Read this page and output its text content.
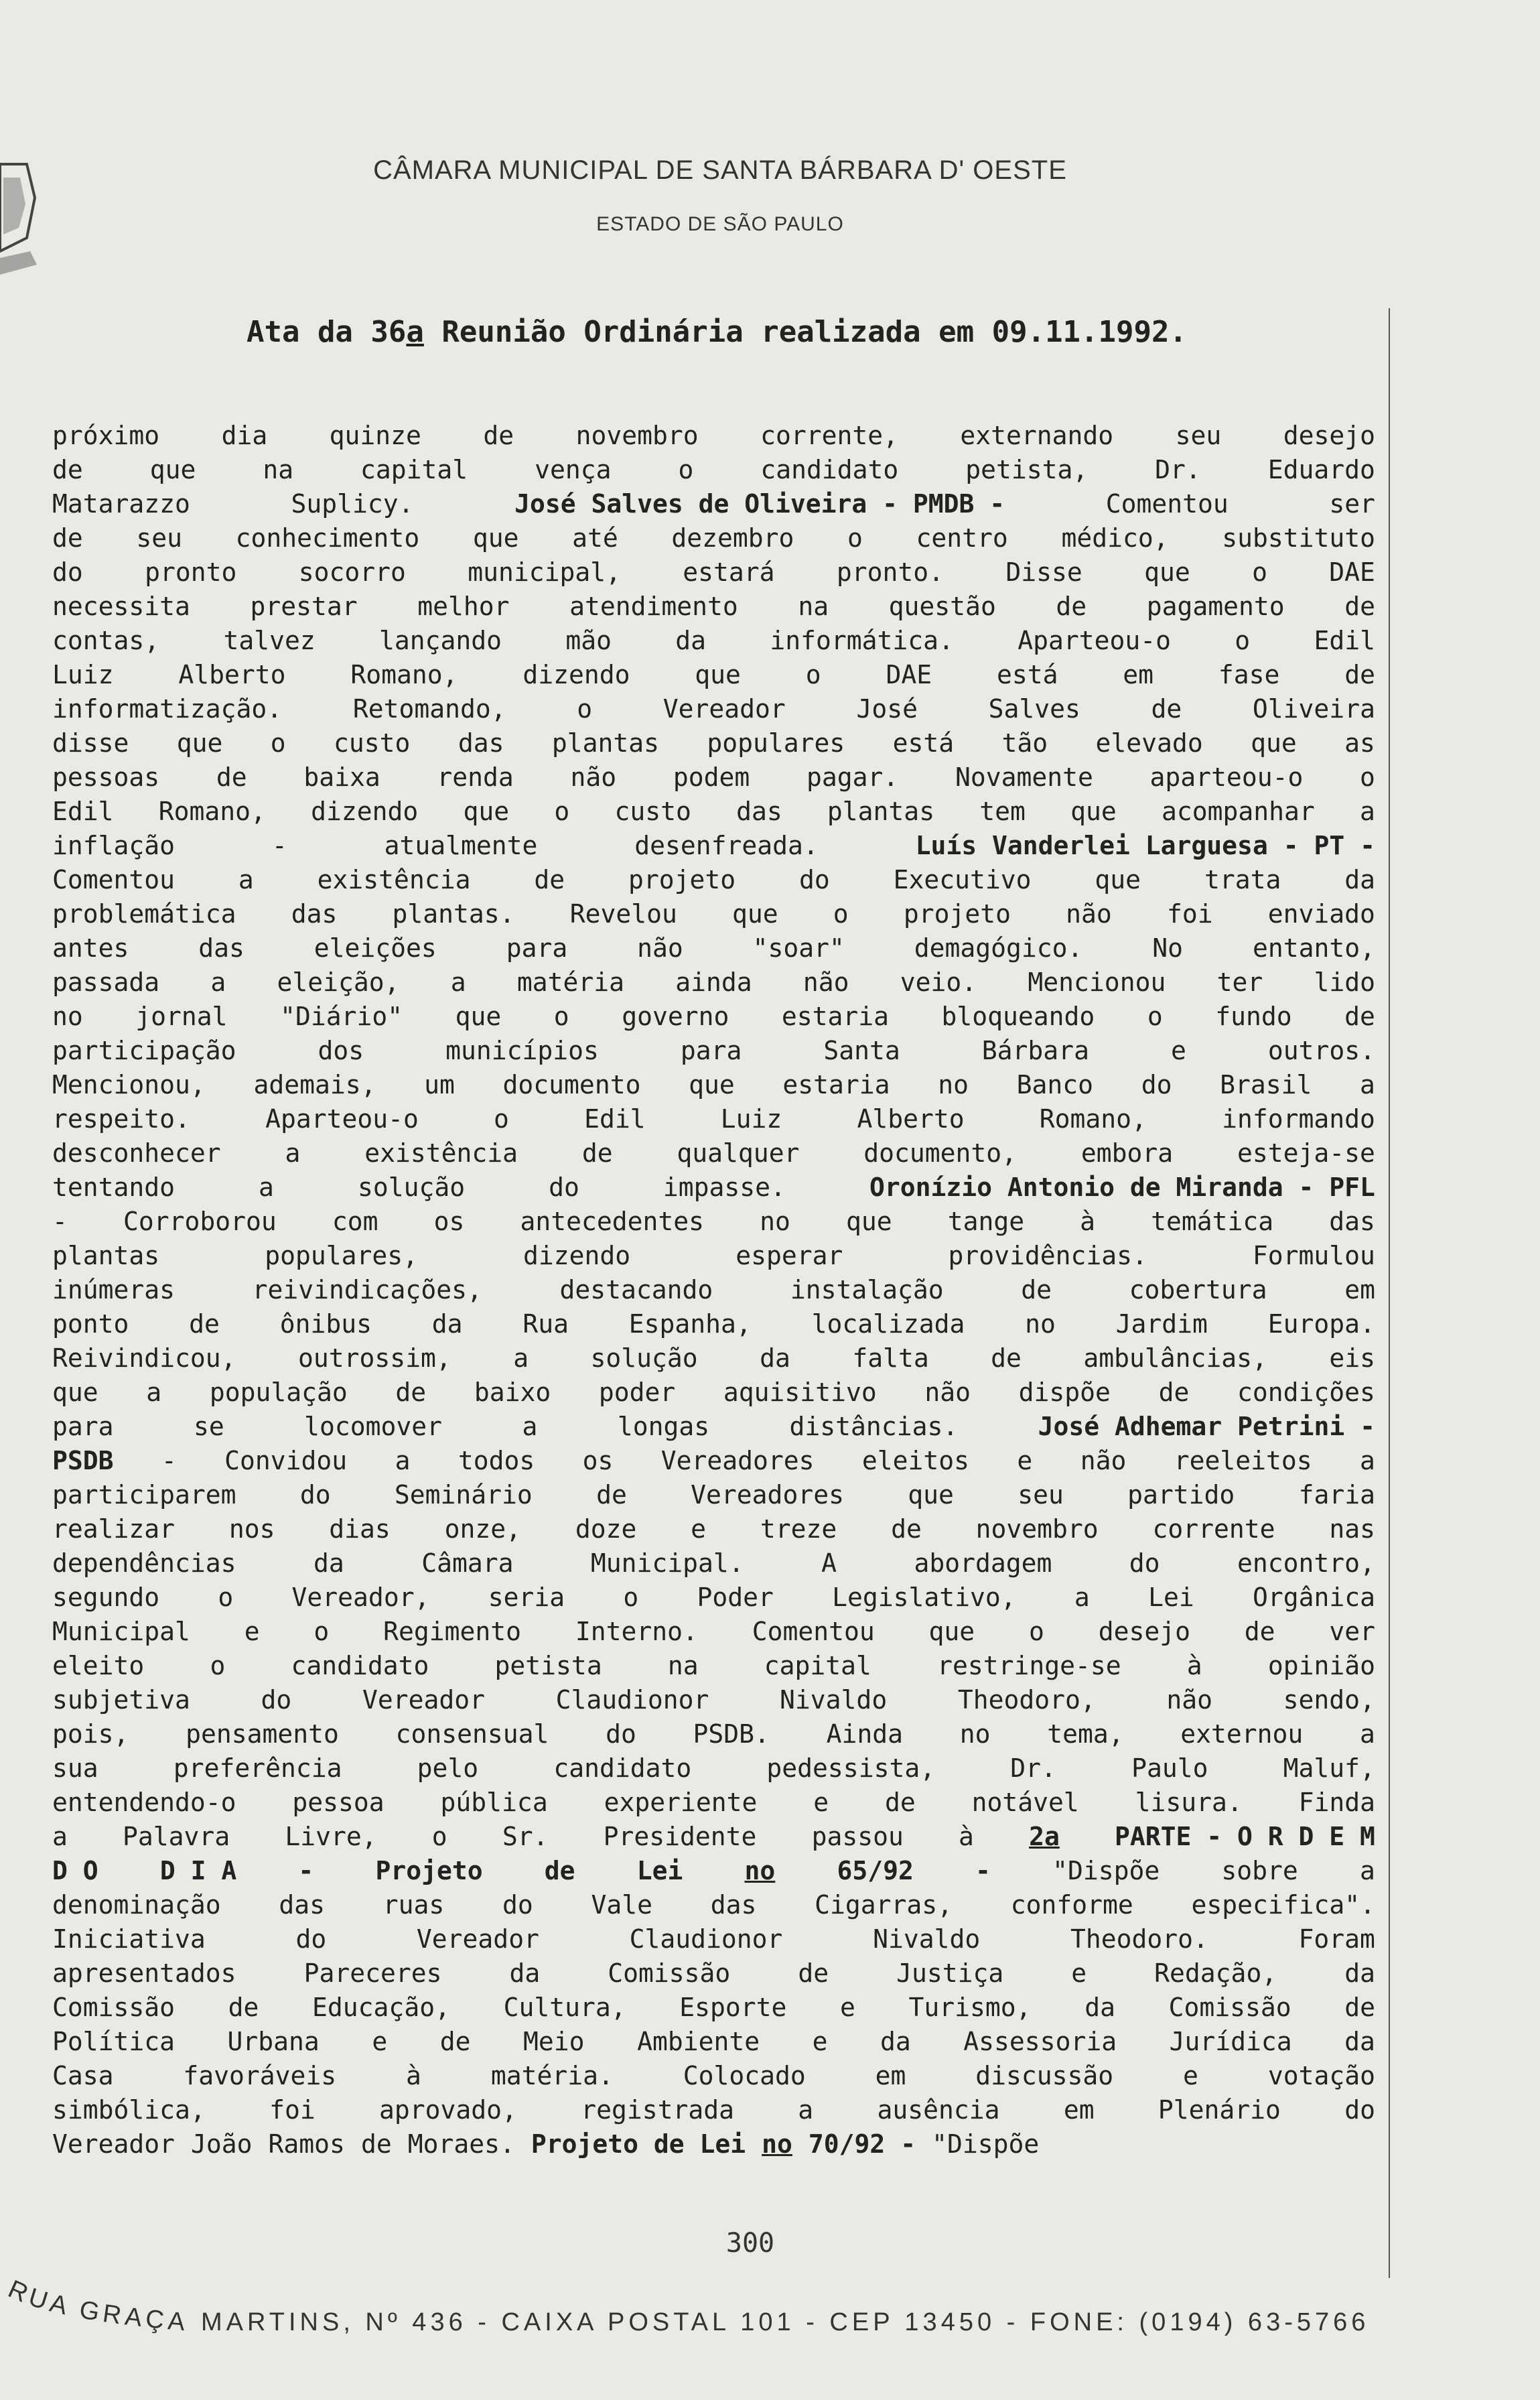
CÂMARA MUNICIPAL DE SANTA BÁRBARA D' OESTE
ESTADO DE SÃO PAULO
Ata da 36a Reunião Ordinária realizada em 09.11.1992.
próximo dia quinze de novembro corrente, externando seu desejo
de	que	na	capital	vença	o	candidato	petista,	Dr.	Eduardo
Matarazzo	Suplicy.	José Salves de Oliveira - PMDB -	Comentou	ser
de seu conhecimento que até dezembro o centro médico, substituto
do pronto socorro municipal, estará pronto. Disse que o DAE
necessita prestar melhor atendimento na questão de pagamento de
contas,	talvez	lançando	mão	da	informática.	Aparteou-o	o	Edil
Luiz	Alberto	Romano,	dizendo	que	o	DAE	está	em	fase	de
informatização.	Retomando,	o	Vereador	José	Salves	de	Oliveira
disse que o custo das plantas populares está tão elevado que as
pessoas de baixa renda não podem pagar. Novamente aparteou-o o
Edil Romano, dizendo que o custo das plantas tem que acompanhar a
inflação	-	atualmente	desenfreada.	Luís Vanderlei Larguesa - PT -
Comentou a existência de projeto do Executivo que trata da
problemática das plantas. Revelou que o projeto não foi enviado
antes	das	eleições	para	não	"soar"	demagógico.	No	entanto,
passada a eleição, a matéria ainda não veio. Mencionou ter lido
no jornal "Diário" que o governo estaria bloqueando o fundo de
participação	dos	municípios	para	Santa	Bárbara	e	outros.
Mencionou, ademais, um documento que estaria no Banco do Brasil a
respeito.	Aparteou-o	o	Edil	Luiz	Alberto	Romano,	informando
desconhecer	a	existência	de	qualquer	documento,	embora	esteja-se
tentando	a	solução	do	impasse.	Oronízio Antonio de Miranda - PFL
- Corroborou com os antecedentes no que tange à temática das
plantas	populares,	dizendo	esperar	providências.	Formulou
inúmeras	reivindicações,	destacando	instalação	de	cobertura	em
ponto de ônibus da Rua Espanha, localizada no Jardim Europa.
Reivindicou, outrossim, a solução da falta de ambulâncias, eis
que a população de baixo poder aquisitivo não dispõe de condições
para	se	locomover	a	longas	distâncias.	José Adhemar Petrini -
PSDB - Convidou a todos os Vereadores eleitos e não reeleitos a
participarem	do	Seminário	de	Vereadores	que	seu	partido	faria
realizar nos dias onze, doze e treze de novembro corrente nas
dependências	da	Câmara	Municipal.	A	abordagem	do	encontro,
segundo o Vereador, seria o Poder Legislativo, a Lei Orgânica
Municipal e o Regimento Interno. Comentou que o desejo de ver
eleito	o	candidato	petista	na	capital	restringe-se	à	opinião
subjetiva	do	Vereador	Claudionor	Nivaldo	Theodoro,	não	sendo,
pois, pensamento consensual do PSDB. Ainda no tema, externou a
sua	preferência	pelo	candidato	pedessista,	Dr.	Paulo	Maluf,
entendendo-o pessoa pública experiente e de notável lisura. Finda
a Palavra Livre, o Sr. Presidente passou à 2a PARTE - O R D E M
D O D I A - Projeto de Lei no 65/92 - "Dispõe sobre a
denominação das ruas do Vale das Cigarras, conforme especifica".
Iniciativa	do	Vereador	Claudionor	Nivaldo	Theodoro.	Foram
apresentados	Pareceres	da	Comissão	de	Justiça	e	Redação,	da
Comissão de Educação, Cultura, Esporte e Turismo, da Comissão de
Política Urbana e de Meio Ambiente e da Assessoria Jurídica da
Casa	favoráveis	à	matéria.	Colocado	em	discussão	e	votação
simbólica,	foi	aprovado,	registrada	a	ausência	em	Plenário	do
Vereador João Ramos de Moraes. Projeto de Lei no 70/92 - "Dispõe
300
RUA GRAÇA MARTINS, Nº 436 - CAIXA POSTAL 101 - CEP 13450 - FONE: (0194) 63-5766
